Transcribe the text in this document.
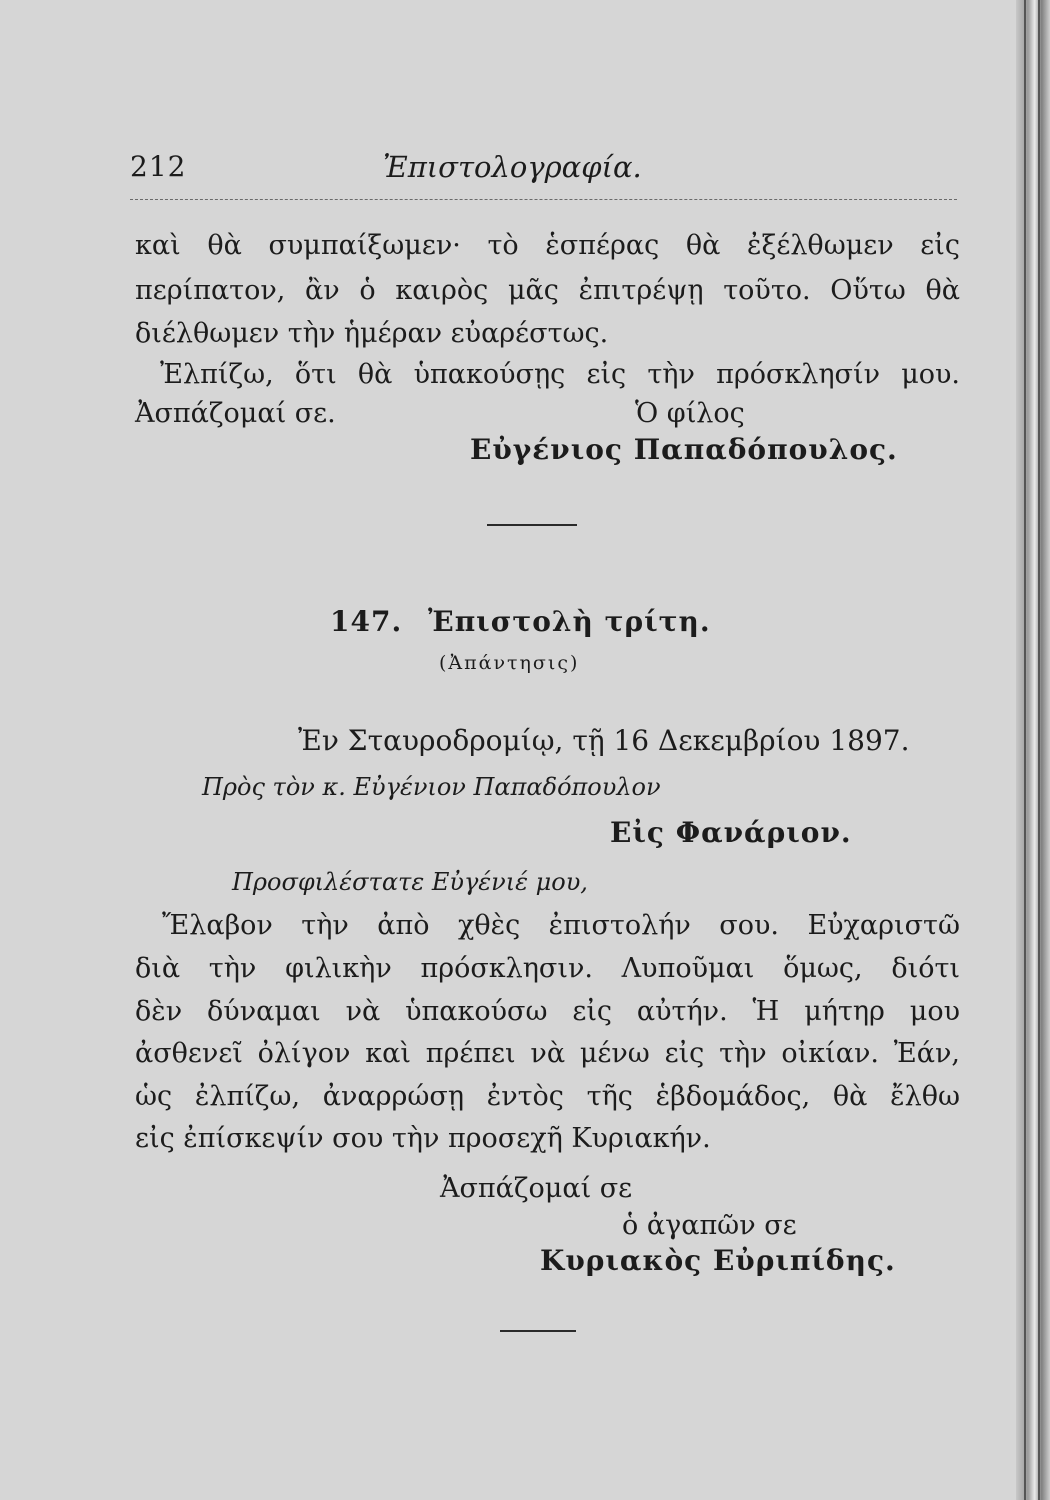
212	Ἐπιστολογραφία.
καὶ θὰ συμπαίξωμεν· τὸ ἑσπέρας θὰ ἐξέλθωμεν εἰς
περίπατον, ἂν ὁ καιρὸς μᾶς ἐπιτρέψῃ τοῦτο. Οὕτω θὰ
διέλθωμεν τὴν ἡμέραν εὐαρέστως.
Ἐλπίζω, ὅτι θὰ ὑπακούσῃς εἰς τὴν πρόσκλησίν μου.
Ἀσπάζομαί σε.	Ὁ φίλος
Εὐγένιος Παπαδόπουλος.
147. Ἐπιστολὴ τρίτη.
(Ἀπάντησις)
Ἐν Σταυροδρομίῳ, τῇ 16 Δεκεμβρίου 1897.
Πρὸς τὸν κ. Εὐγένιον Παπαδόπουλον
Εἰς Φανάριον.
Προσφιλέστατε Εὐγένιέ μου,
Ἔλαβον τὴν ἀπὸ χθὲς ἐπιστολήν σου. Εὐχαριστῶ
διὰ τὴν φιλικὴν πρόσκλησιν. Λυποῦμαι ὅμως, διότι
δὲν δύναμαι νὰ ὑπακούσω εἰς αὐτήν. Ἡ μήτηρ μου
ἀσθενεῖ ὀλίγον καὶ πρέπει νὰ μένω εἰς τὴν οἰκίαν. Ἐάν,
ὡς ἐλπίζω, ἀναρρώσῃ ἐντὸς τῆς ἑβδομάδος, θὰ ἔλθω
εἰς ἐπίσκεψίν σου τὴν προσεχῆ Κυριακήν.
Ἀσπάζομαί σε
ὁ ἀγαπῶν σε
Κυριακὸς Εὐριπίδης.
